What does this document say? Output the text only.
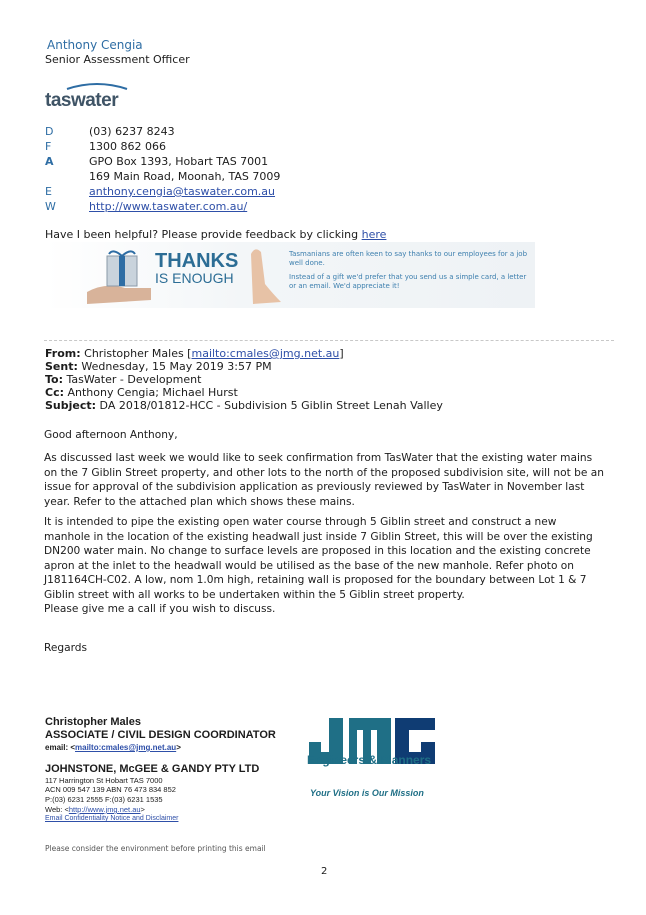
Anthony Cengia
Senior Assessment Officer
taswater
D	(03) 6237 8243
F	1300 862 066
A	GPO Box 1393, Hobart TAS 7001
169 Main Road, Moonah, TAS 7009
E	anthony.cengia@taswater.com.au
W	http://www.taswater.com.au/
Have I been helpful? Please provide feedback by clicking here
THANKS
IS ENOUGH
Tasmanians are often keen to say thanks to our employees for a job well done.
Instead of a gift we'd prefer that you send us a simple card, a letter or an email. We'd appreciate it!
From: Christopher Males [mailto:cmales@jmg.net.au]
Sent: Wednesday, 15 May 2019 3:57 PM
To: TasWater - Development
Cc: Anthony Cengia; Michael Hurst
Subject: DA 2018/01812-HCC - Subdivision 5 Giblin Street Lenah Valley
Good afternoon Anthony,
As discussed last week we would like to seek confirmation from TasWater that the existing water mains on the 7 Giblin Street property, and other lots to the north of the proposed subdivision site, will not be an issue for approval of the subdivision application as previously reviewed by TasWater in November last year. Refer to the attached plan which shows these mains.
It is intended to pipe the existing open water course through 5 Giblin street and construct a new manhole in the location of the existing headwall just inside 7 Giblin Street, this will be over the existing DN200 water main. No change to surface levels are proposed in this location and the existing concrete apron at the inlet to the headwall would be utilised as the base of the new manhole. Refer photo on J181164CH-C02. A low, nom 1.0m high, retaining wall is proposed for the boundary between Lot 1 & 7 Giblin street with all works to be undertaken within the 5 Giblin street property.
Please give me a call if you wish to discuss.
Regards
Christopher Males
ASSOCIATE / CIVIL DESIGN COORDINATOR
email: <mailto:cmales@jmg.net.au>
JOHNSTONE, McGEE & GANDY PTY LTD
117 Harrington St Hobart TAS 7000
ACN 009 547 139 ABN 76 473 834 852
P:(03) 6231 2555 F:(03) 6231 1535
Web: <http://www.jmg.net.au>
Email Confidentiality Notice and Disclaimer
Engineers & Planners
Your Vision is Our Mission
Please consider the environment before printing this email
2
